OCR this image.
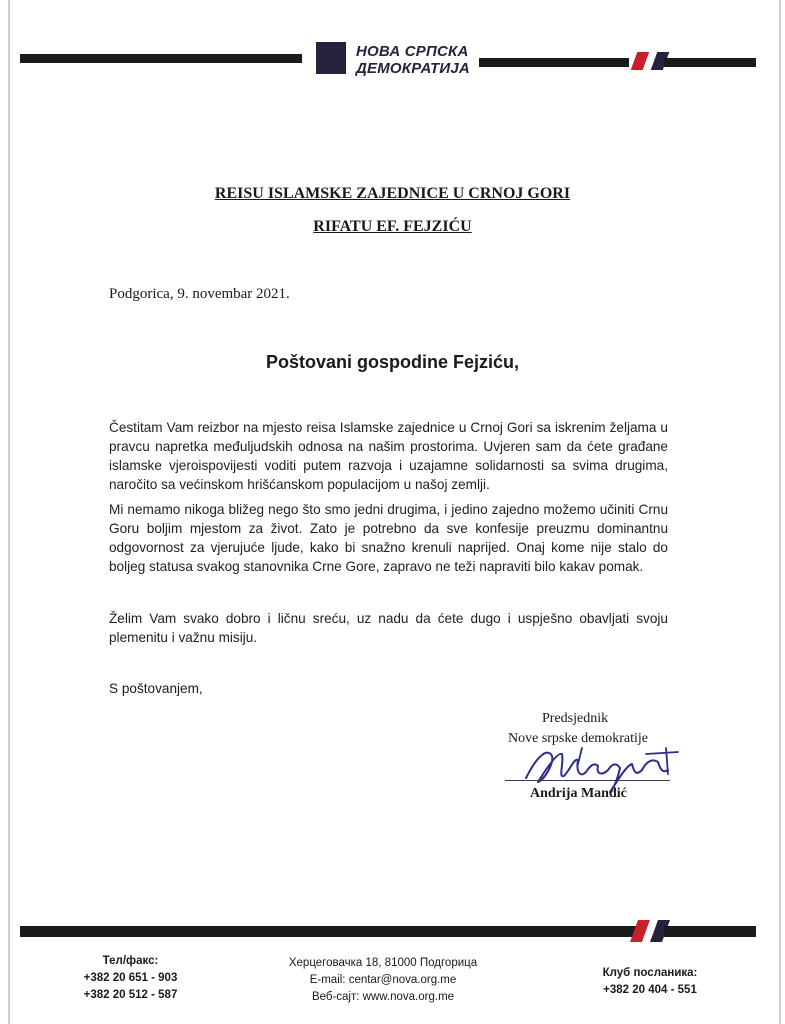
НОВА СРПСКА
ДЕМОКРАТИЈА
REISU ISLAMSKE ZAJEDNICE U CRNOJ GORI
RIFATU EF. FEJZIĆU
Podgorica, 9. novembar 2021.
Poštovani gospodine Fejziću,
Čestitam Vam reizbor na mjesto reisa Islamske zajednice u Crnoj Gori sa iskrenim željama u pravcu napretka međuljudskih odnosa na našim prostorima. Uvjeren sam da ćete građane islamske vjeroispovijesti voditi putem razvoja i uzajamne solidarnosti sa svima drugima, naročito sa većinskom hrišćanskom populacijom u našoj zemlji.
Mi nemamo nikoga bližeg nego što smo jedni drugima, i jedino zajedno možemo učiniti Crnu Goru boljim mjestom za život. Zato je potrebno da sve konfesije preuzmu dominantnu odgovornost za vjerujuće ljude, kako bi snažno krenuli naprijed. Onaj kome nije stalo do boljeg statusa svakog stanovnika Crne Gore, zapravo ne teži napraviti bilo kakav pomak.
Želim Vam svako dobro i ličnu sreću, uz nadu da ćete dugo i uspješno obavljati svoju plemenitu i važnu misiju.
S poštovanjem,
Predsjednik
Nove srpske demokratije
Andrija Mandić
Тел/факс:
+382 20 651 - 903
+382 20 512 - 587
Херцеговачка 18, 81000 Подгорица
E-mail: centar@nova.org.me
Веб-сајт: www.nova.org.me
Клуб посланика:
+382 20 404 - 551
